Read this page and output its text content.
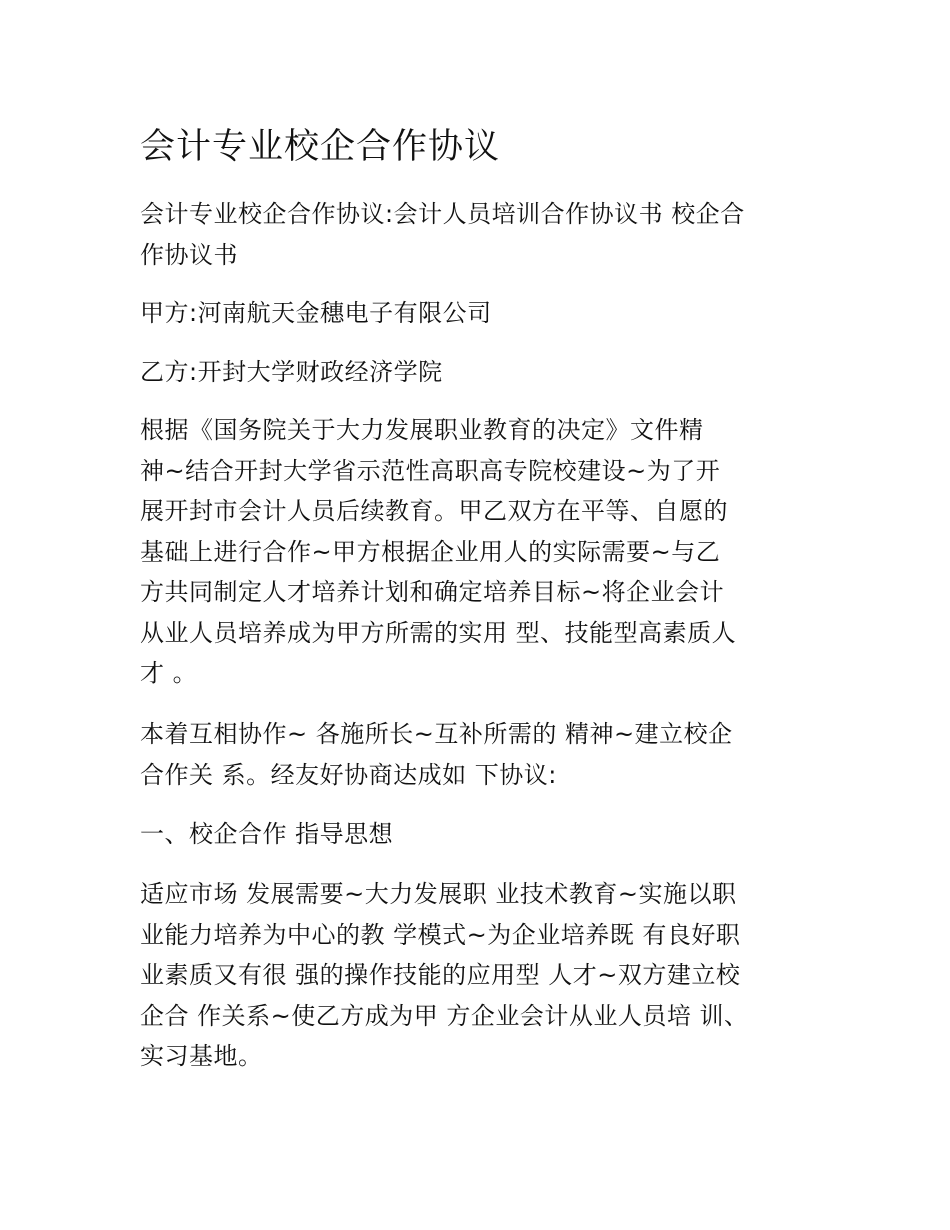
会计专业校企合作协议

会计专业校企合作协议:会计人员培训合作协议书 校企合
作协议书

甲方:河南航天金穗电子有限公司

乙方:开封大学财政经济学院

根据《国务院关于大力发展职业教育的决定》文件精
神~结合开封大学省示范性高职高专院校建设~为了开
展开封市会计人员后续教育。甲乙双方在平等、自愿的
基础上进行合作~甲方根据企业用人的实际需要~与乙
方共同制定人才培养计划和确定培养目标~将企业会计
从业人员培养成为甲方所需的实用 型、技能型高素质人
才 。

本着互相协作~ 各施所长~互补所需的 精神~建立校企
合作关 系。经友好协商达成如 下协议:

一、校企合作 指导思想

适应市场 发展需要~大力发展职 业技术教育~实施以职
业能力培养为中心的教 学模式~为企业培养既 有良好职
业素质又有很 强的操作技能的应用型 人才~双方建立校
企合 作关系~使乙方成为甲 方企业会计从业人员培 训、
实习基地。
